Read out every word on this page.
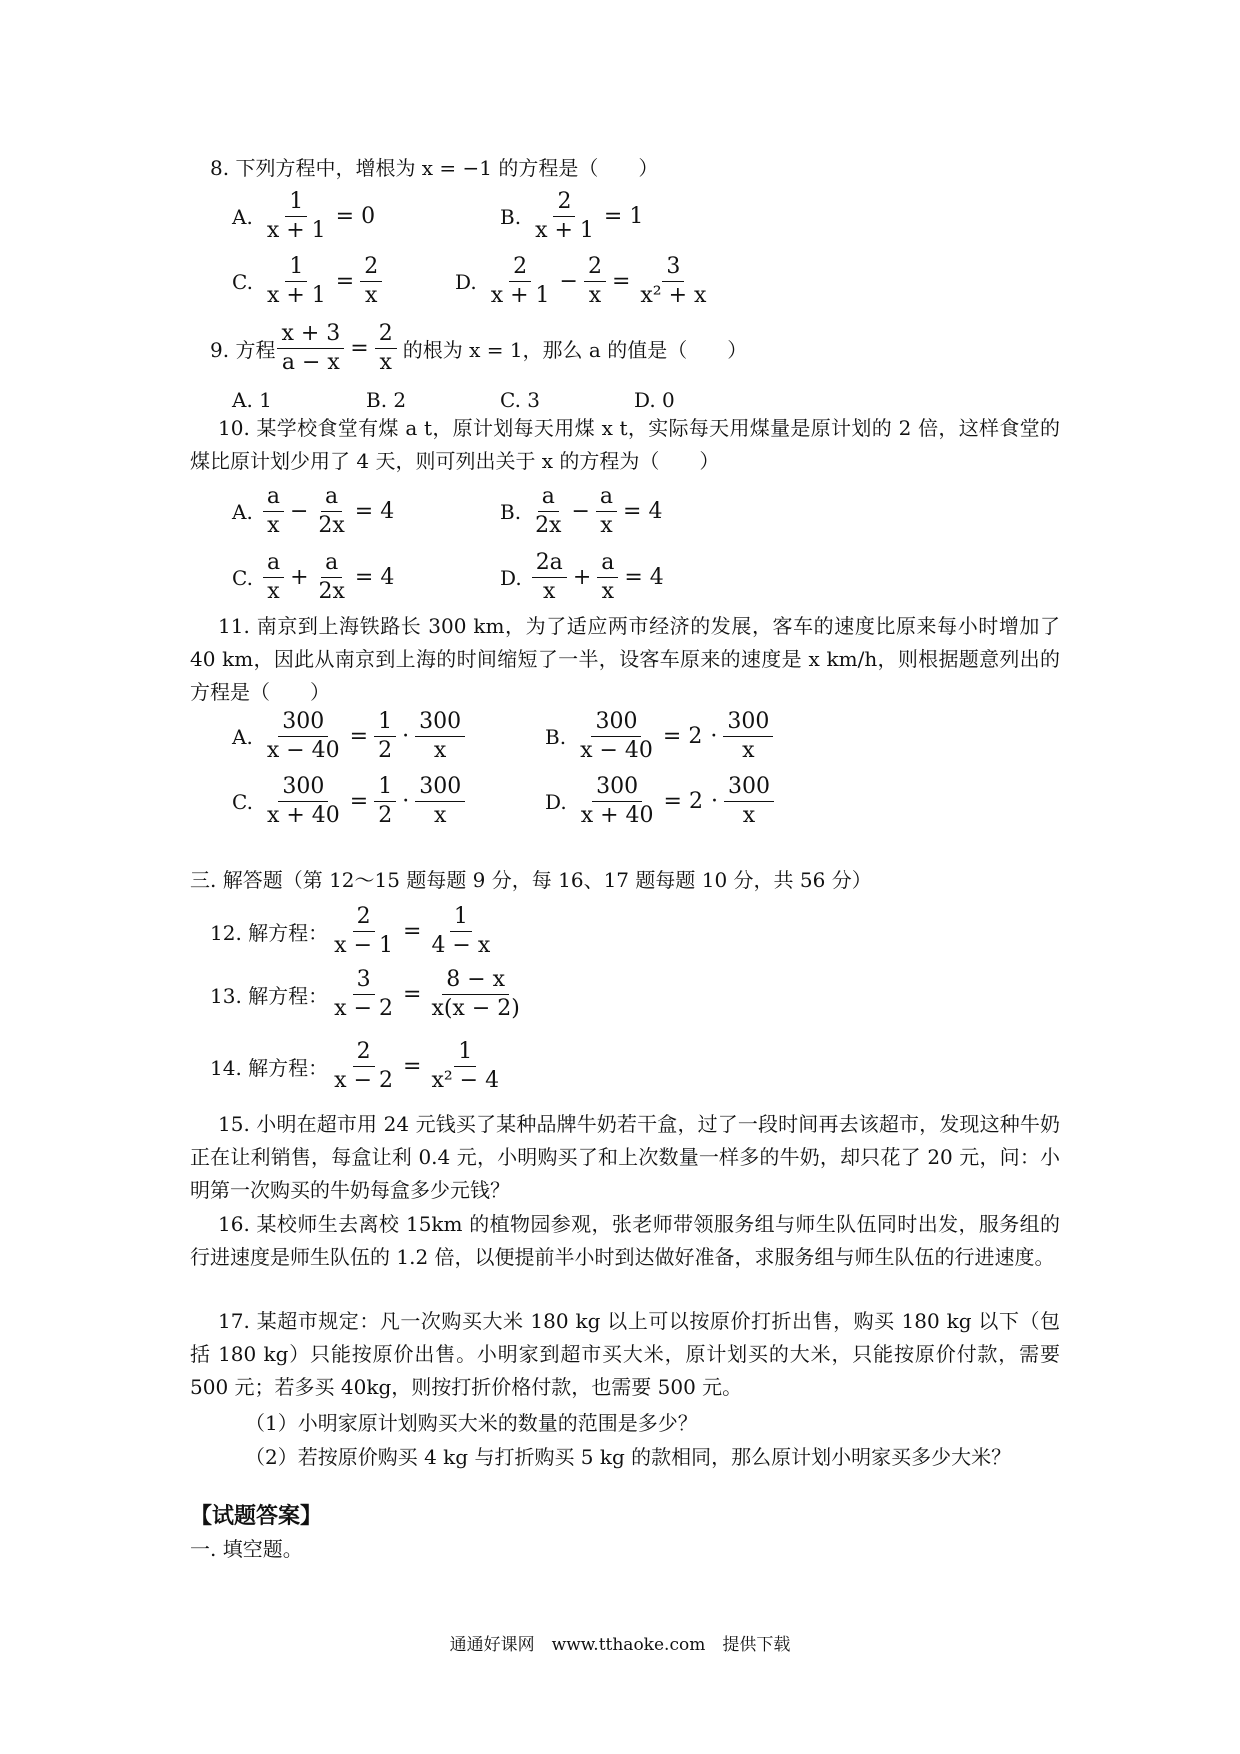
8. 下列方程中，增根为 x = −1 的方程是（　　）
A. $\frac{1}{x + 1} = 0$	B. $\frac{2}{x + 1} = 1$
C. $\frac{1}{x + 1} = \frac{2}{x}$	D. $\frac{2}{x + 1} - \frac{2}{x} = \frac{3}{\text{x² + x}}$
9. 方程 $\frac{x + 3}{a - x} = \frac{2}{x}$ 的根为 x = 1，那么 a 的值是（　　）
A. 1	B. 2	C. 3	D. 0
10. 某学校食堂有煤 a t，原计划每天用煤 x t，实际每天用煤量是原计划的 2 倍，这样食堂的煤比原计划少用了 4 天，则可列出关于 x 的方程为（　　）
A. $\frac{a}{x} - \frac{a}{2x} = 4$	B. $\frac{a}{2x} - \frac{a}{x} = 4$
C. $\frac{a}{x} + \frac{a}{2x} = 4$	D. $\frac{2a}{x} + \frac{a}{x} = 4$
11. 南京到上海铁路长 300 km，为了适应两市经济的发展，客车的速度比原来每小时增加了 40 km，因此从南京到上海的时间缩短了一半，设客车原来的速度是 x km/h，则根据题意列出的方程是（　　）
A. $\frac{300}{x - 40} = \frac{1}{2} \cdot \frac{300}{x}$	B. $\frac{300}{x - 40} = 2 \cdot \frac{300}{x}$
C. $\frac{300}{x + 40} = \frac{1}{2} \cdot \frac{300}{x}$	D. $\frac{300}{x + 40} = 2 \cdot \frac{300}{x}$
三. 解答题（第 12～15 题每题 9 分，每 16、17 题每题 10 分，共 56 分）
12. 解方程： $\frac{2}{x - 1} = \frac{1}{4 - x}$
13. 解方程： $\frac{3}{x - 2} = \frac{8 - x}{x(x - 2)}$
14. 解方程： $\frac{2}{x - 2} = \frac{1}{\text{x² − 4}}$
15. 小明在超市用 24 元钱买了某种品牌牛奶若干盒，过了一段时间再去该超市，发现这种牛奶正在让利销售，每盒让利 0.4 元，小明购买了和上次数量一样多的牛奶，却只花了 20 元，问：小明第一次购买的牛奶每盒多少元钱？
16. 某校师生去离校 15km 的植物园参观，张老师带领服务组与师生队伍同时出发，服务组的行进速度是师生队伍的 1.2 倍，以便提前半小时到达做好准备，求服务组与师生队伍的行进速度。
17. 某超市规定：凡一次购买大米 180 kg 以上可以按原价打折出售，购买 180 kg 以下（包括 180 kg）只能按原价出售。小明家到超市买大米，原计划买的大米，只能按原价付款，需要 500 元；若多买 40kg，则按打折价格付款，也需要 500 元。
（1）小明家原计划购买大米的数量的范围是多少？
（2）若按原价购买 4 kg 与打折购买 5 kg 的款相同，那么原计划小明家买多少大米？
【试题答案】
一. 填空题。
通通好课网　www.tthaoke.com　提供下载
